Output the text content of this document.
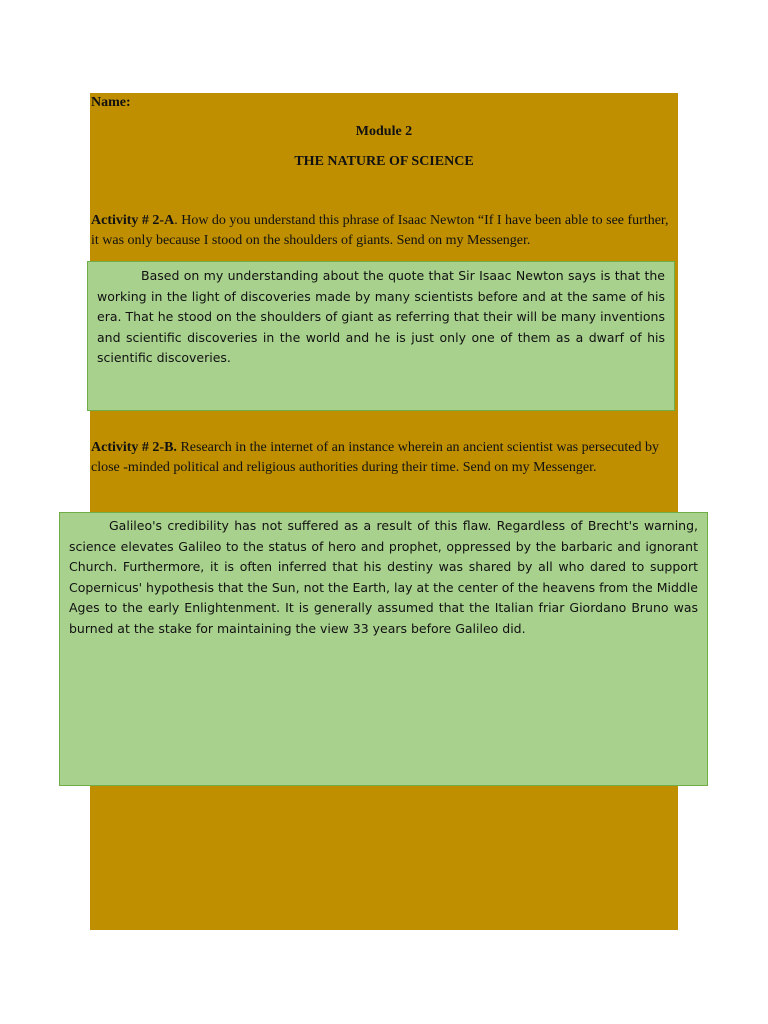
Name:
Module 2
THE NATURE OF SCIENCE
Activity # 2-A. How do you understand this phrase of Isaac Newton “If I have been able to see further, it was only because I stood on the shoulders of giants. Send on my Messenger.

Based on my understanding about the quote that Sir Isaac Newton says is that the working in the light of discoveries made by many scientists before and at the same of his era. That he stood on the shoulders of giant as referring that their will be many inventions and scientific discoveries in the world and he is just only one of them as a dwarf of his scientific discoveries.

Activity # 2-B. Research in the internet of an instance wherein an ancient scientist was persecuted by close -minded political and religious authorities during their time. Send on my Messenger.

Galileo's credibility has not suffered as a result of this flaw. Regardless of Brecht's warning, science elevates Galileo to the status of hero and prophet, oppressed by the barbaric and ignorant Church. Furthermore, it is often inferred that his destiny was shared by all who dared to support Copernicus' hypothesis that the Sun, not the Earth, lay at the center of the heavens from the Middle Ages to the early Enlightenment. It is generally assumed that the Italian friar Giordano Bruno was burned at the stake for maintaining the view 33 years before Galileo did.
